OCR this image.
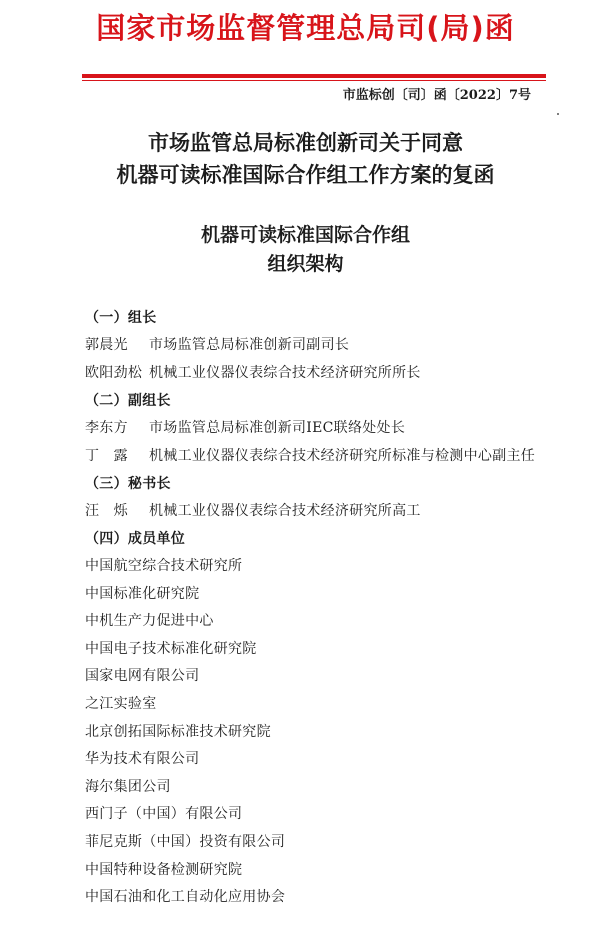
国家市场监督管理总局司(局)函
市监标创〔司〕函〔2022〕7号
市场监管总局标准创新司关于同意
机器可读标准国际合作组工作方案的复函
机器可读标准国际合作组
组织架构
（一）组长
郭晨光 市场监管总局标准创新司副司长
欧阳劲松 机械工业仪器仪表综合技术经济研究所所长
（二）副组长
李东方 市场监管总局标准创新司IEC联络处处长
丁　露 机械工业仪器仪表综合技术经济研究所标准与检测中心副主任
（三）秘书长
汪　烁 机械工业仪器仪表综合技术经济研究所高工
（四）成员单位
中国航空综合技术研究所
中国标准化研究院
中机生产力促进中心
中国电子技术标准化研究院
国家电网有限公司
之江实验室
北京创拓国际标准技术研究院
华为技术有限公司
海尔集团公司
西门子（中国）有限公司
菲尼克斯（中国）投资有限公司
中国特种设备检测研究院
中国石油和化工自动化应用协会
